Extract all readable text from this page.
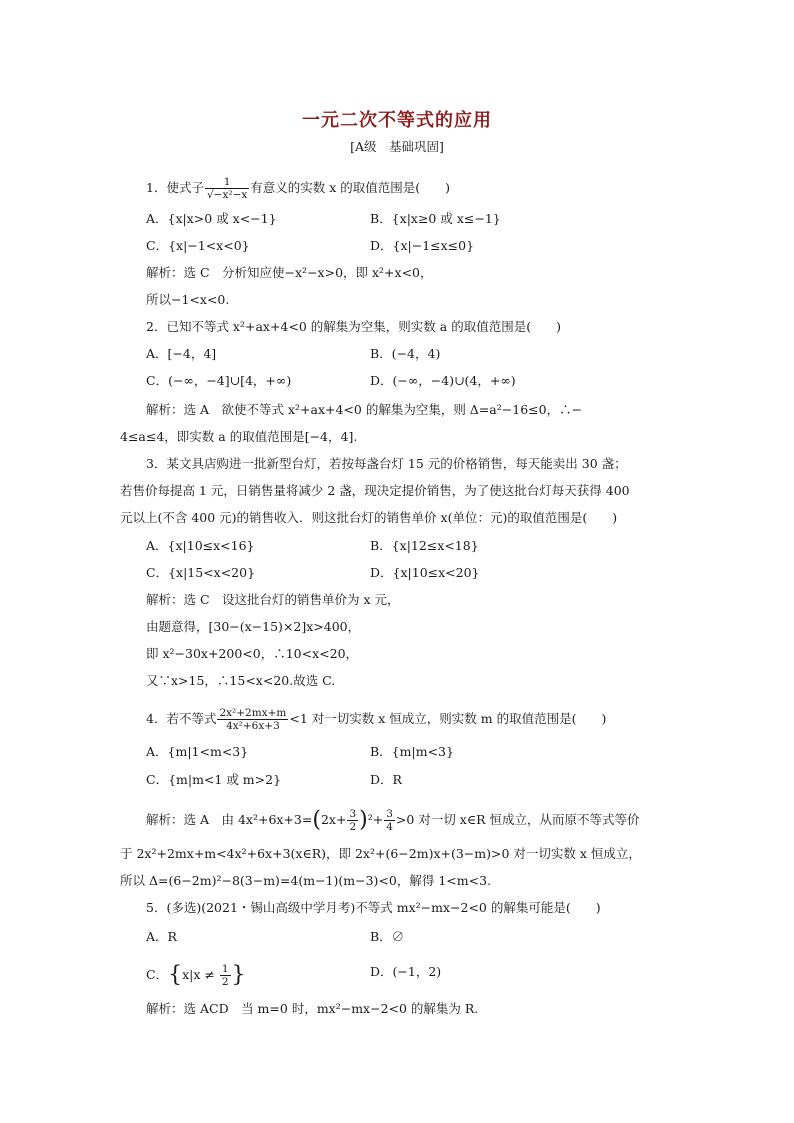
一元二次不等式的应用
[A级　基础巩固]
1．使式子 $\frac{1}{\text{√−x²−x}}$ 有意义的实数 x 的取值范围是(　　)
A．{x|x>0 或 x<−1}	B．{x|x≥0 或 x≤−1}
C．{x|−1<x<0}	D．{x|−1≤x≤0}
解析：选 C　分析知应使−x²−x>0，即 x²+x<0，
所以−1<x<0.
2．已知不等式 x²+ax+4<0 的解集为空集，则实数 a 的取值范围是(　　)
A．[−4，4]	B．(−4，4)
C．(−∞，−4]∪[4，+∞)	D．(−∞，−4)∪(4，+∞)
解析：选 A　欲使不等式 x²+ax+4<0 的解集为空集，则 Δ=a²−16≤0，∴−
4≤a≤4，即实数 a 的取值范围是[−4，4].
3．某文具店购进一批新型台灯，若按每盏台灯 15 元的价格销售，每天能卖出 30 盏；
若售价每提高 1 元，日销售量将减少 2 盏，现决定提价销售，为了使这批台灯每天获得 400
元以上(不含 400 元)的销售收入．则这批台灯的销售单价 x(单位：元)的取值范围是(　　)
A．{x|10≤x<16}	B．{x|12≤x<18}
C．{x|15<x<20}	D．{x|10≤x<20}
解析：选 C　设这批台灯的销售单价为 x 元，
由题意得，[30−(x−15)×2]x>400，
即 x²−30x+200<0，∴10<x<20，
又∵x>15，∴15<x<20.故选 C.
4．若不等式 $\frac{\text{2x²+2mx+m}}{\text{4x²+6x+3}} <1$ 对一切实数 x 恒成立，则实数 m 的取值范围是(　　)
A．{m|1<m<3}	B．{m|m<3}
C．{m|m<1 或 m>2}	D．R
解析：选 A　由 $4x^2+6x+3=(2x+ \frac{3}{2} )^2+ \frac{3}{4} >0$ 对一切 x∈R 恒成立，从而原不等式等价
于 2x²+2mx+m<4x²+6x+3(x∈R)，即 2x²+(6−2m)x+(3−m)>0 对一切实数 x 恒成立，
所以 Δ=(6−2m)²−8(3−m)=4(m−1)(m−3)<0，解得 1<m<3.
5．(多选)(2021・锡山高级中学月考)不等式 mx²−mx−2<0 的解集可能是(　　)
A．R	B．∅
C．{$x|x \ne \frac{1}{2}$ }	D．(−1，2)
解析：选 ACD　当 m=0 时，mx²−mx−2<0 的解集为 R.
